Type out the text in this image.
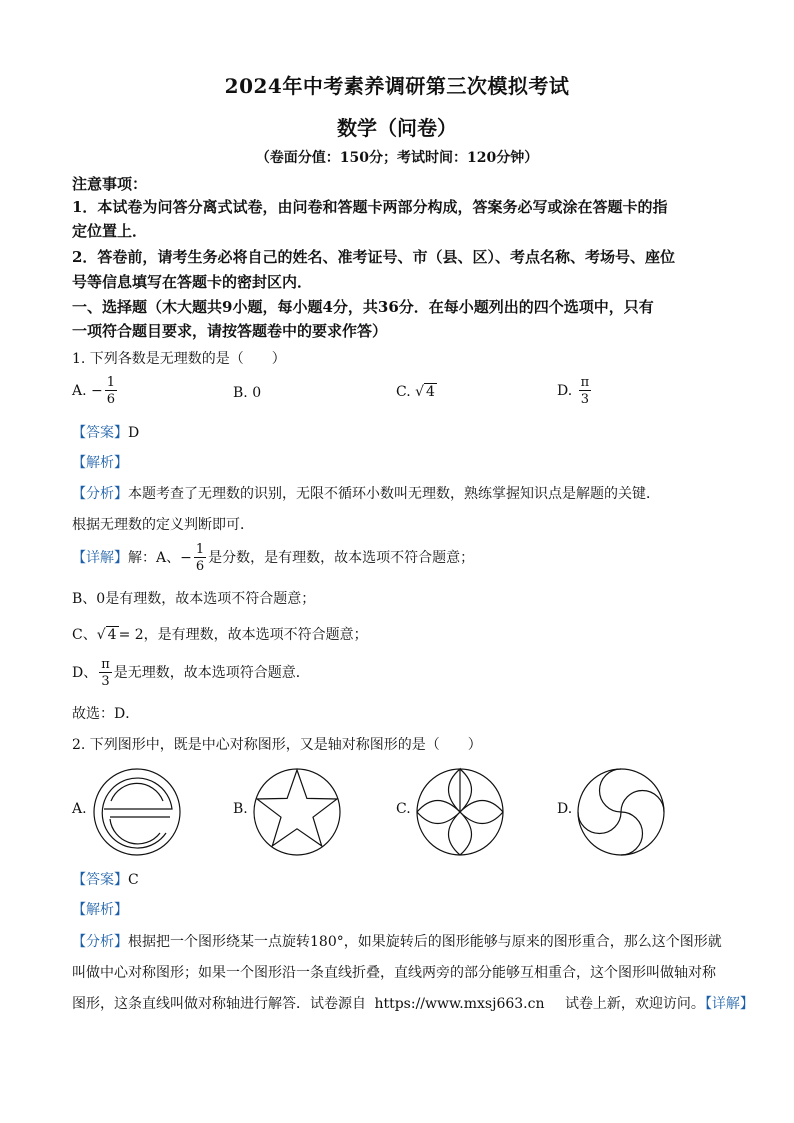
2024年中考素养调研第三次模拟考试
数学（问卷）
（卷面分值：150分；考试时间：120分钟）
注意事项：
1．本试卷为问答分离式试卷，由问卷和答题卡两部分构成，答案务必写或涂在答题卡的指
定位置上．
2．答卷前，请考生务必将自己的姓名、准考证号、市（县、区）、考点名称、考场号、座位
号等信息填写在答题卡的密封区内．
一、选择题（木大题共9小题，每小题4分，共36分．在每小题列出的四个选项中，只有
一项符合题目要求，请按答题卷中的要求作答）
1. 下列各数是无理数的是（　　）
A. − $\frac{1}{6}$	B. 0	C. √ 4	D. $\frac{\pi}{3}$
【答案】D
【解析】
【分析】本题考查了无理数的识别，无限不循环小数叫无理数，熟练掌握知识点是解题的关键．
根据无理数的定义判断即可．
【详解】解：A、− $\frac{1}{6}$ 是分数，是有理数，故本选项不符合题意；
B、0是有理数，故本选项不符合题意；
C、√ 4 = 2，是有理数，故本选项不符合题意；
D、 $\frac{\pi}{3}$ 是无理数，故本选项符合题意．
故选：D．
2. 下列图形中，既是中心对称图形，又是轴对称图形的是（　　）
A.	B.	C.	D.
【答案】C
【解析】
【分析】根据把一个图形绕某一点旋转180°，如果旋转后的图形能够与原来的图形重合，那么这个图形就
叫做中心对称图形；如果一个图形沿一条直线折叠，直线两旁的部分能够互相重合，这个图形叫做轴对称
图形，这条直线叫做对称轴进行解答．试卷源自 https://www.mxsj663.cn 试卷上新，欢迎访问。【详解】
